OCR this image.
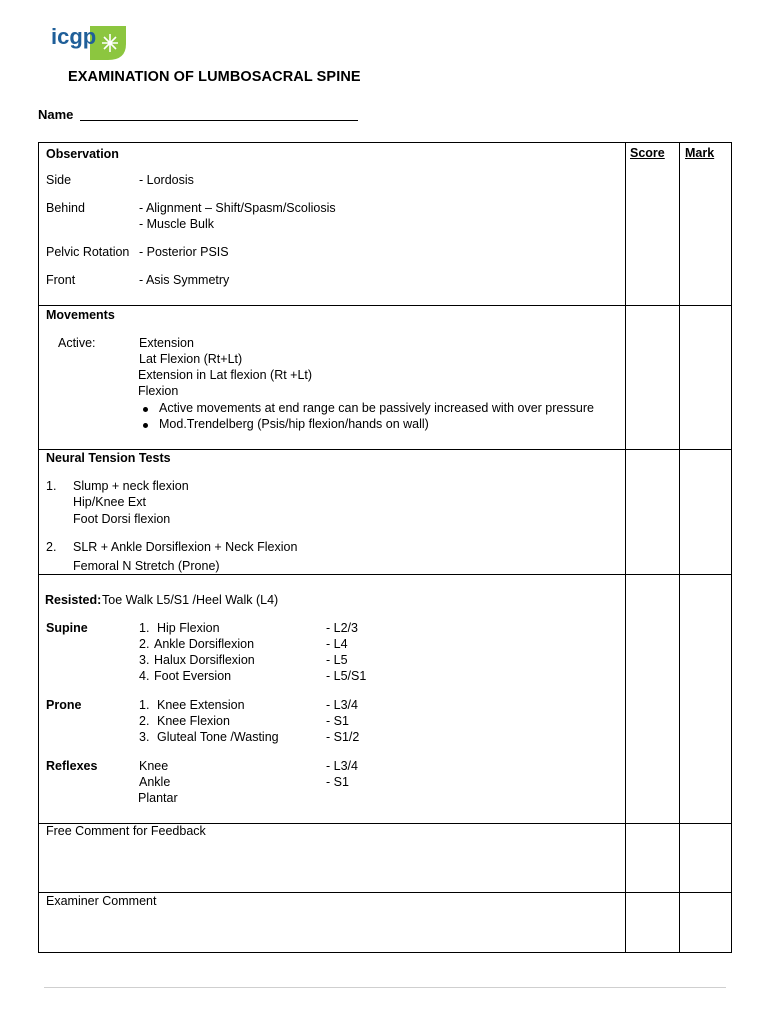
icgp
EXAMINATION OF LUMBOSACRAL SPINE
Name
Score Mark
Observation
Side	- Lordosis
Behind	- Alignment – Shift/Spasm/Scoliosis
- Muscle Bulk
Pelvic Rotation - Posterior PSIS
Front	- Asis Symmetry
Movements
Active:	Extension
Lat Flexion (Rt+Lt)
Extension in Lat flexion (Rt +Lt)
Flexion
Active movements at end range can be passively increased with over pressure
Mod.Trendelberg (Psis/hip flexion/hands on wall)
Neural Tension Tests
1. Slump + neck flexion
Hip/Knee Ext
Foot Dorsi flexion
2. SLR + Ankle Dorsiflexion + Neck Flexion
Femoral N Stretch (Prone)
Resisted: Toe Walk L5/S1 /Heel Walk (L4)
Supine	1. Hip Flexion	- L2/3
2. Ankle Dorsiflexion	- L4
3. Halux Dorsiflexion	- L5
4. Foot Eversion	- L5/S1
Prone	1. Knee Extension	- L3/4
2. Knee Flexion	- S1
3. Gluteal Tone /Wasting	- S1/2
Reflexes	Knee	- L3/4
Ankle	- S1
Plantar
Free Comment for Feedback
Examiner Comment
